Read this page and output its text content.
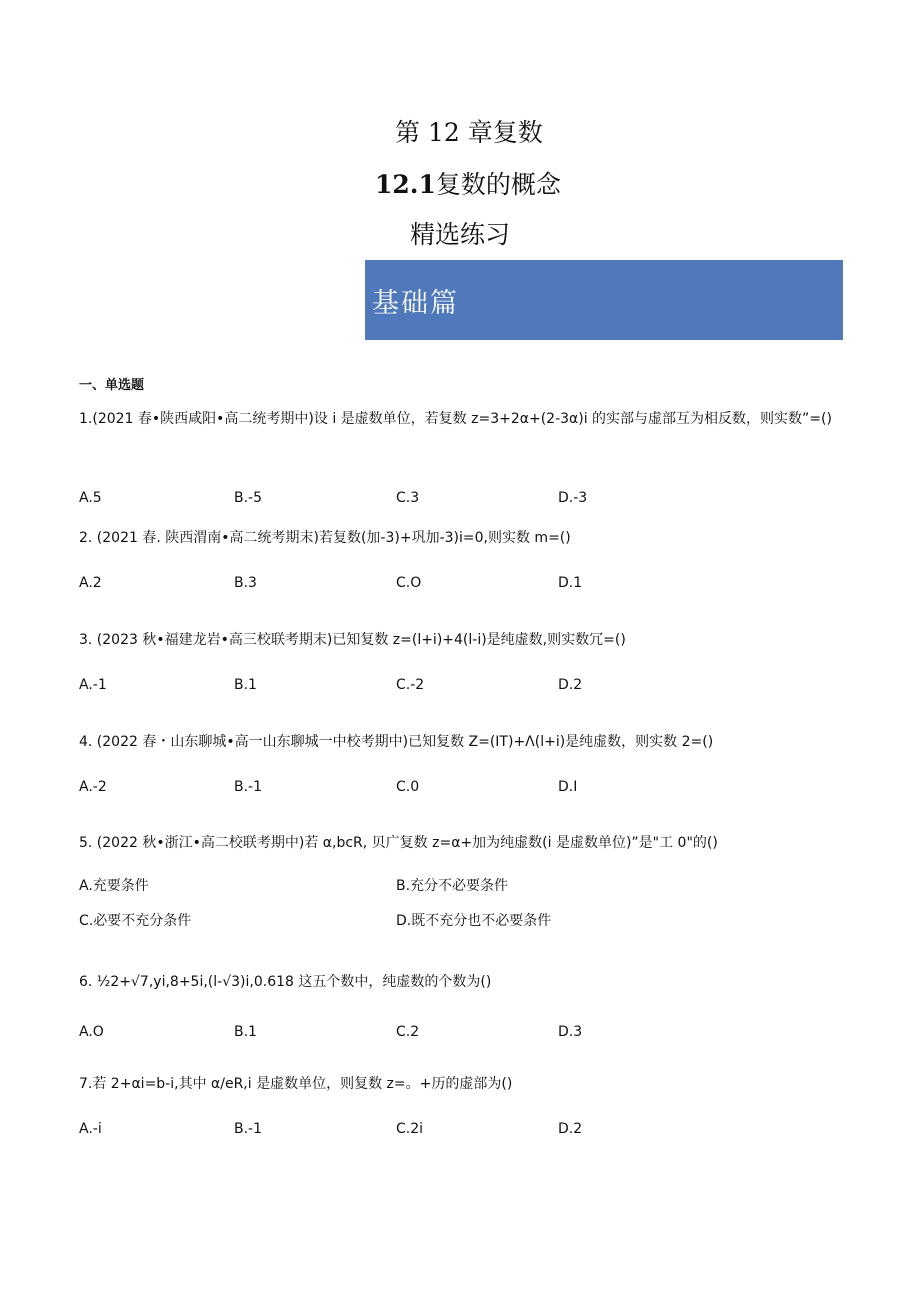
第 12 章复数
12.1复数的概念
精选练习
基础篇
一、单选题
1.(2021 春•陕西咸阳•高二统考期中)设 i 是虚数单位，若复数 z=3+2α+(2-3α)i 的实部与虚部互为相反数，则实数”=()
A.5	B.-5	C.3	D.-3
2. (2021 春. 陕西渭南•高二统考期末)若复数(加-3)+巩加-3)i=0,则实数 m=()
A.2	B.3	C.O	D.1
3. (2023 秋•福建龙岩•高三校联考期末)已知复数 z=(l+i)+4(l-i)是纯虚数,则实数冗=()
A.-1	B.1	C.-2	D.2
4. (2022 春・山东聊城•高一山东聊城一中校考期中)已知复数 Z=(IT)+Λ(l+i)是纯虚数，则实数 2=()
A.-2	B.-1	C.0	D.I
5. (2022 秋•浙江•高二校联考期中)若 α,bcR, 贝广复数 z=α+加为纯虚数(i 是虚数单位)”是"工 0"的()
A.充要条件	B.充分不必要条件
C.必要不充分条件	D.既不充分也不必要条件
6. ½2+√7,yi,8+5i,(l-√3)i,0.618 这五个数中，纯虚数的个数为()
A.O	B.1	C.2	D.3
7.若 2+αi=b-i,其中 α/eR,i 是虚数单位，则复数 z=。+历的虚部为()
A.-i	B.-1	C.2i	D.2
